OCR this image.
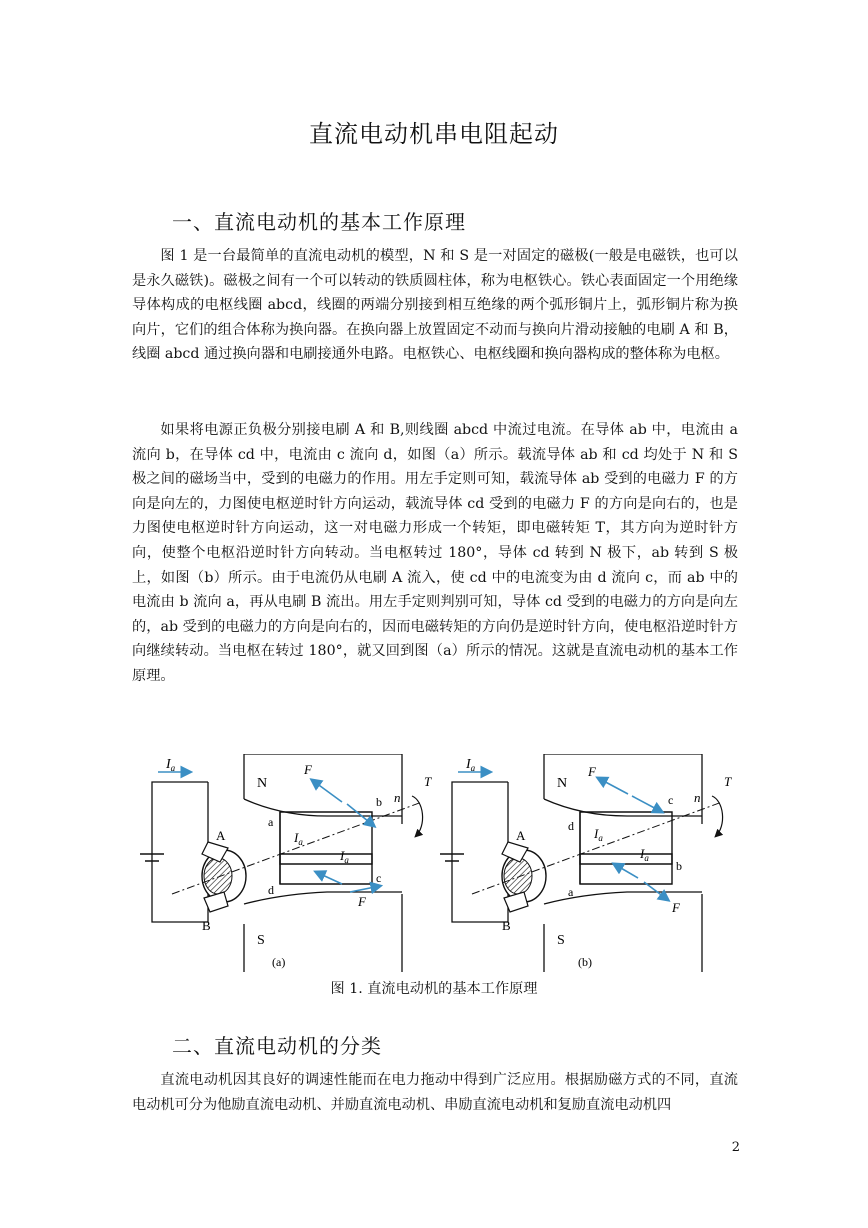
直流电动机串电阻起动
一、直流电动机的基本工作原理

图 1 是一台最简单的直流电动机的模型，N 和 S 是一对固定的磁极(一般是电磁铁，也可以是永久磁铁)。磁极之间有一个可以转动的铁质圆柱体，称为电枢铁心。铁心表面固定一个用绝缘导体构成的电枢线圈 abcd，线圈的两端分别接到相互绝缘的两个弧形铜片上，弧形铜片称为换向片，它们的组合体称为换向器。在换向器上放置固定不动而与换向片滑动接触的电刷 A 和 B，线圈 abcd 通过换向器和电刷接通外电路。电枢铁心、电枢线圈和换向器构成的整体称为电枢。

如果将电源正负极分别接电刷 A 和 B,则线圈 abcd 中流过电流。在导体 ab 中，电流由 a 流向 b，在导体 cd 中，电流由 c 流向 d，如图（a）所示。载流导体 ab 和 cd 均处于 N 和 S 极之间的磁场当中，受到的电磁力的作用。用左手定则可知，载流导体 ab 受到的电磁力 F 的方向是向左的，力图使电枢逆时针方向运动，载流导体 cd 受到的电磁力 F 的方向是向右的，也是力图使电枢逆时针方向运动，这一对电磁力形成一个转矩，即电磁转矩 T，其方向为逆时针方向，使整个电枢沿逆时针方向转动。当电枢转过 180°，导体 cd 转到 N 极下，ab 转到 S 极上，如图（b）所示。由于电流仍从电刷 A 流入，使 cd 中的电流变为由 d 流向 c，而 ab 中的电流由 b 流向 a，再从电刷 B 流出。用左手定则判别可知，导体 cd 受到的电磁力的方向是向左的，ab 受到的电磁力的方向是向右的，因而电磁转矩的方向仍是逆时针方向，使电枢沿逆时针方向继续转动。当电枢在转过 180°，就又回到图（a）所示的情况。这就是直流电动机的基本工作原理。

$I_a$
N
S
a
b
c
d
$I_a$
$I_a$
A
B
F
F
n
T
(a)
$I_a$
N
S
d
c
b
a
$I_a$
$I_a$
A
B
F
F
n
T
(b)
图 1. 直流电动机的基本工作原理
二、直流电动机的分类

直流电动机因其良好的调速性能而在电力拖动中得到广泛应用。根据励磁方式的不同，直流电动机可分为他励直流电动机、并励直流电动机、串励直流电动机和复励直流电动机四

2
